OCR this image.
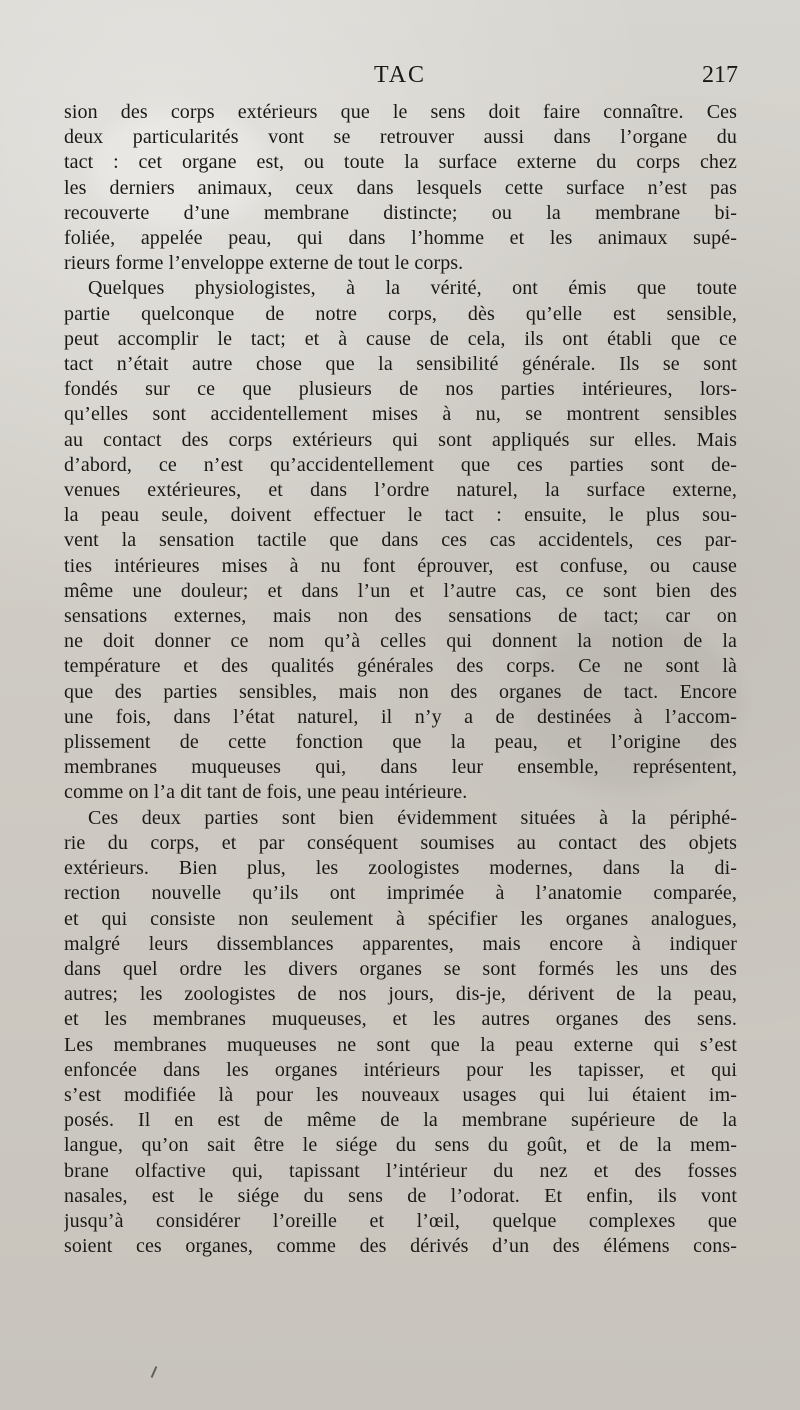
TAC	217
sion des corps extérieurs que le sens doit faire connaître. Ces
deux particularités vont se retrouver aussi dans l’organe du
tact : cet organe est, ou toute la surface externe du corps chez
les derniers animaux, ceux dans lesquels cette surface n’est pas
recouverte d’une membrane distincte; ou la membrane bi-
foliée, appelée peau, qui dans l’homme et les animaux supé-
rieurs forme l’enveloppe externe de tout le corps.
Quelques physiologistes, à la vérité, ont émis que toute
partie quelconque de notre corps, dès qu’elle est sensible,
peut accomplir le tact; et à cause de cela, ils ont établi que ce
tact n’était autre chose que la sensibilité générale. Ils se sont
fondés sur ce que plusieurs de nos parties intérieures, lors-
qu’elles sont accidentellement mises à nu, se montrent sensibles
au contact des corps extérieurs qui sont appliqués sur elles. Mais
d’abord, ce n’est qu’accidentellement que ces parties sont de-
venues extérieures, et dans l’ordre naturel, la surface externe,
la peau seule, doivent effectuer le tact : ensuite, le plus sou-
vent la sensation tactile que dans ces cas accidentels, ces par-
ties intérieures mises à nu font éprouver, est confuse, ou cause
même une douleur; et dans l’un et l’autre cas, ce sont bien des
sensations externes, mais non des sensations de tact; car on
ne doit donner ce nom qu’à celles qui donnent la notion de la
température et des qualités générales des corps. Ce ne sont là
que des parties sensibles, mais non des organes de tact. Encore
une fois, dans l’état naturel, il n’y a de destinées à l’accom-
plissement de cette fonction que la peau, et l’origine des
membranes muqueuses qui, dans leur ensemble, représentent,
comme on l’a dit tant de fois, une peau intérieure.
Ces deux parties sont bien évidemment situées à la périphé-
rie du corps, et par conséquent soumises au contact des objets
extérieurs. Bien plus, les zoologistes modernes, dans la di-
rection nouvelle qu’ils ont imprimée à l’anatomie comparée,
et qui consiste non seulement à spécifier les organes analogues,
malgré leurs dissemblances apparentes, mais encore à indiquer
dans quel ordre les divers organes se sont formés les uns des
autres; les zoologistes de nos jours, dis-je, dérivent de la peau,
et les membranes muqueuses, et les autres organes des sens.
Les membranes muqueuses ne sont que la peau externe qui s’est
enfoncée dans les organes intérieurs pour les tapisser, et qui
s’est modifiée là pour les nouveaux usages qui lui étaient im-
posés. Il en est de même de la membrane supérieure de la
langue, qu’on sait être le siége du sens du goût, et de la mem-
brane olfactive qui, tapissant l’intérieur du nez et des fosses
nasales, est le siége du sens de l’odorat. Et enfin, ils vont
jusqu’à considérer l’oreille et l’œil, quelque complexes que
soient ces organes, comme des dérivés d’un des élémens cons-
